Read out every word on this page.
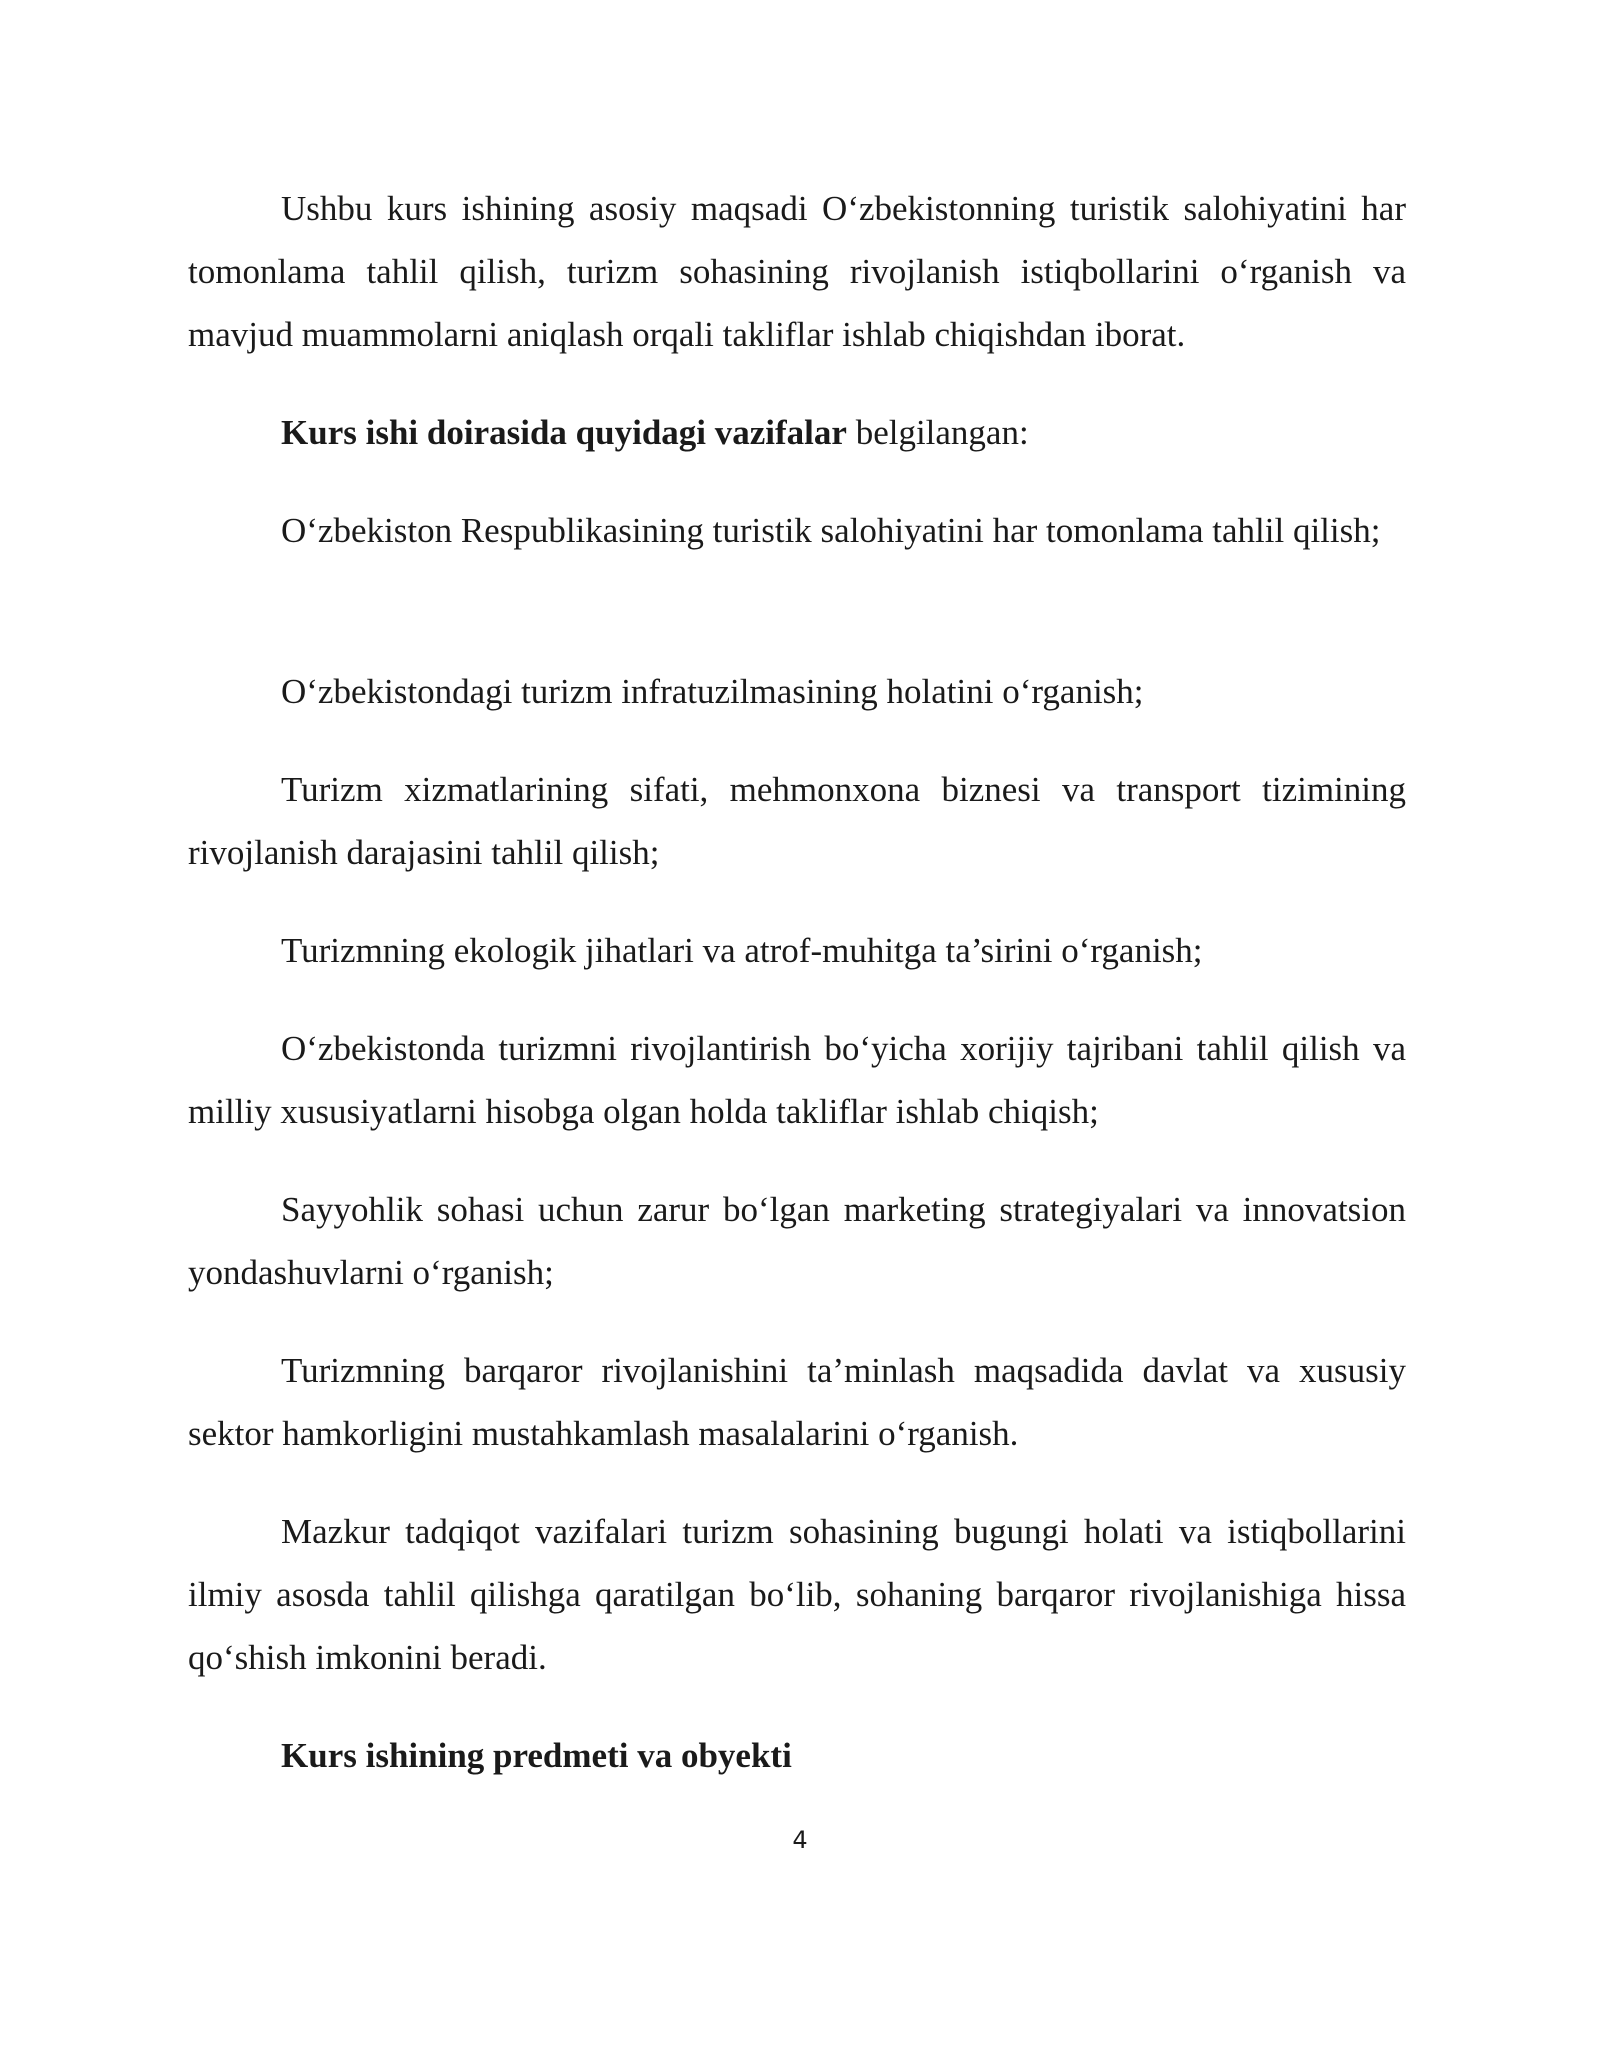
Ushbu kurs ishining asosiy maqsadi O‘zbekistonning turistik salohiyatini har tomonlama tahlil qilish, turizm sohasining rivojlanish istiqbollarini o‘rganish va mavjud muammolarni aniqlash orqali takliflar ishlab chiqishdan iborat.

Kurs ishi doirasida quyidagi vazifalar belgilangan:

O‘zbekiston Respublikasining turistik salohiyatini har tomonlama tahlil qilish;

O‘zbekistondagi turizm infratuzilmasining holatini o‘rganish;

Turizm xizmatlarining sifati, mehmonxona biznesi va transport tizimining rivojlanish darajasini tahlil qilish;

Turizmning ekologik jihatlari va atrof-muhitga ta’sirini o‘rganish;

O‘zbekistonda turizmni rivojlantirish bo‘yicha xorijiy tajribani tahlil qilish va milliy xususiyatlarni hisobga olgan holda takliflar ishlab chiqish;

Sayyohlik sohasi uchun zarur bo‘lgan marketing strategiyalari va innovatsion yondashuvlarni o‘rganish;

Turizmning barqaror rivojlanishini ta’minlash maqsadida davlat va xususiy sektor hamkorligini mustahkamlash masalalarini o‘rganish.

Mazkur tadqiqot vazifalari turizm sohasining bugungi holati va istiqbollarini ilmiy asosda tahlil qilishga qaratilgan bo‘lib, sohaning barqaror rivojlanishiga hissa qo‘shish imkonini beradi.

Kurs ishining predmeti va obyekti

4
